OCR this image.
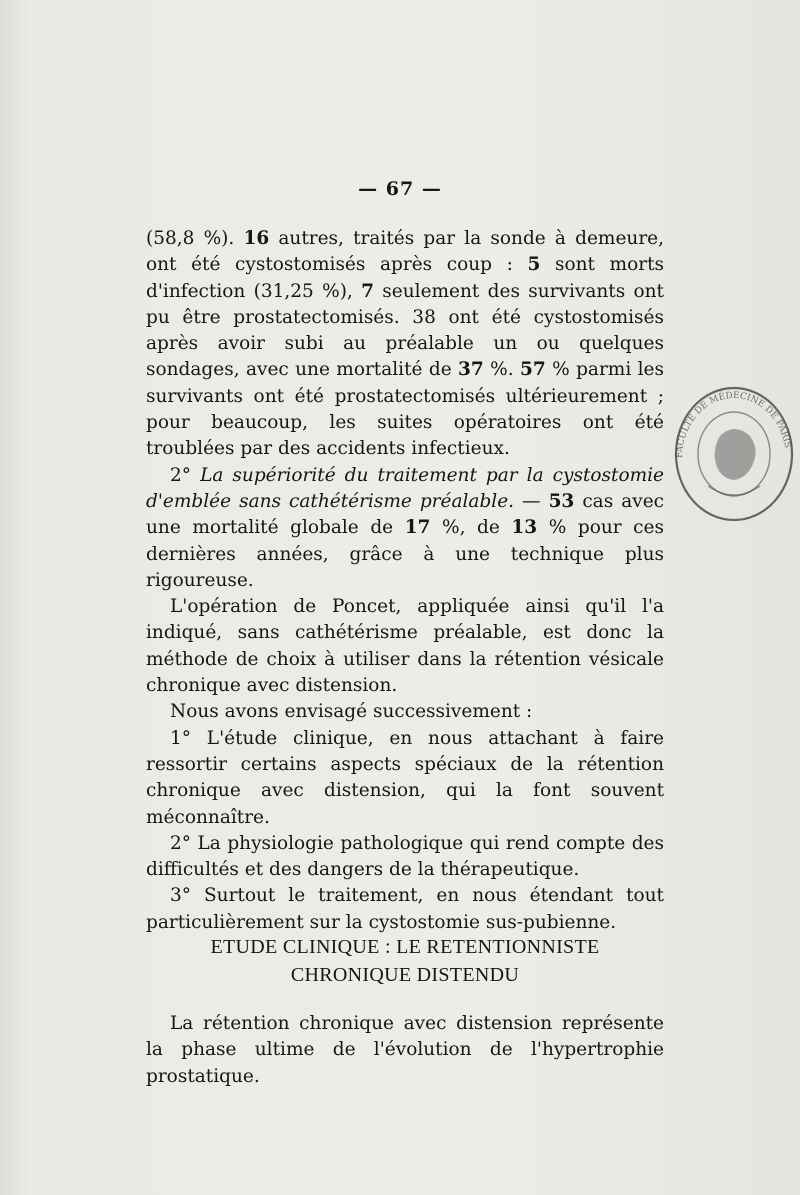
— 67 —

(58,8 %). 16 autres, traités par la sonde à demeure, ont été cystostomisés après coup : 5 sont morts d'infection (31,25 %), 7 seulement des survivants ont pu être prostatectomisés. 38 ont été cystostomisés après avoir subi au préalable un ou quelques sondages, avec une mortalité de 37 %. 57 % parmi les survivants ont été prostatectomisés ultérieurement ; pour beaucoup, les suites opératoires ont été troublées par des accidents infectieux.

2° La supériorité du traitement par la cystostomie d'emblée sans cathétérisme préalable. — 53 cas avec une mortalité globale de 17 %, de 13 % pour ces dernières années, grâce à une technique plus rigoureuse.

L'opération de Poncet, appliquée ainsi qu'il l'a indiqué, sans cathétérisme préalable, est donc la méthode de choix à utiliser dans la rétention vésicale chronique avec distension.

Nous avons envisagé successivement :

1° L'étude clinique, en nous attachant à faire ressortir certains aspects spéciaux de la rétention chronique avec distension, qui la font souvent méconnaître.

2° La physiologie pathologique qui rend compte des difficultés et des dangers de la thérapeutique.

3° Surtout le traitement, en nous étendant tout particulièrement sur la cystostomie sus-pubienne.

ETUDE CLINIQUE : LE RETENTIONNISTE
CHRONIQUE DISTENDU

La rétention chronique avec distension représente la phase ultime de l'évolution de l'hypertrophie prostatique.

FACULTÉ DE MÉDECINE DE PARIS
